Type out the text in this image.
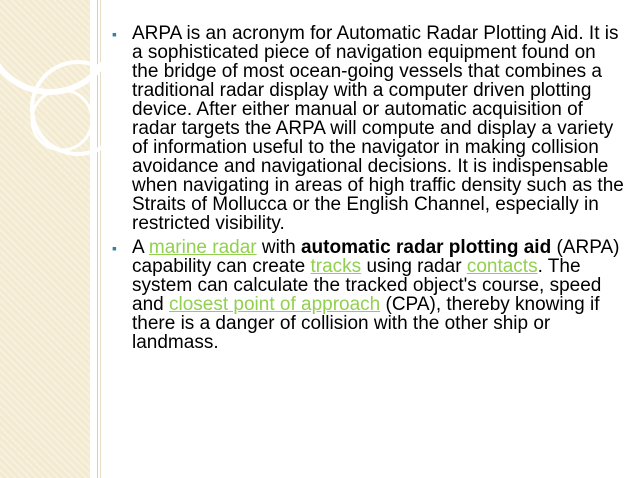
▪ ARPA is an acronym for Automatic Radar Plotting Aid. It is a sophisticated piece of navigation equipment found on the bridge of most ocean-going vessels that combines a traditional radar display with a computer driven plotting device. After either manual or automatic acquisition of radar targets the ARPA will compute and display a variety of information useful to the navigator in making collision avoidance and navigational decisions. It is indispensable when navigating in areas of high traffic density such as the Straits of Mollucca or the English Channel, especially in restricted visibility.
▪ A marine radar with automatic radar plotting aid (ARPA) capability can create tracks using radar contacts. The system can calculate the tracked object's course, speed and closest point of approach (CPA), thereby knowing if there is a danger of collision with the other ship or landmass.
